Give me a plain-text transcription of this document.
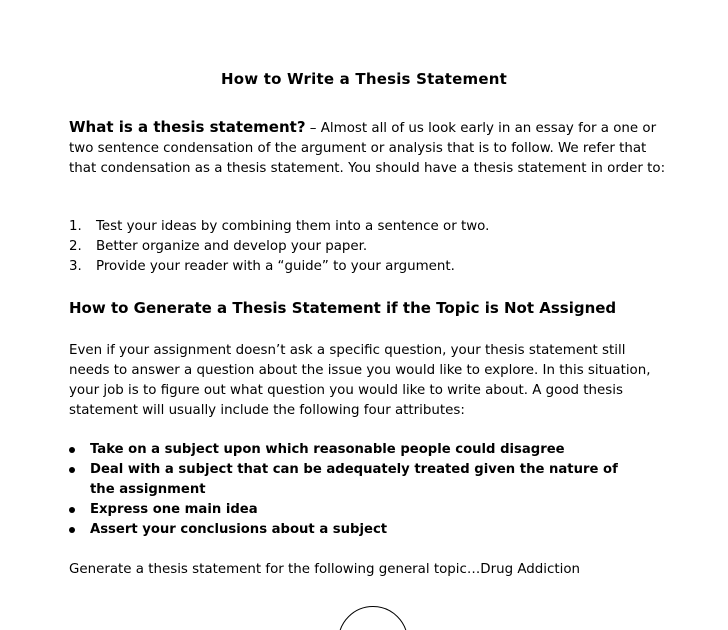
How to Write a Thesis Statement

What is a thesis statement? – Almost all of us look early in an essay for a one or two sentence condensation of the argument or analysis that is to follow. We refer that that condensation as a thesis statement. You should have a thesis statement in order to:

1. Test your ideas by combining them into a sentence or two.
2. Better organize and develop your paper.
3. Provide your reader with a “guide” to your argument.
How to Generate a Thesis Statement if the Topic is Not Assigned

Even if your assignment doesn’t ask a specific question, your thesis statement still needs to answer a question about the issue you would like to explore. In this situation, your job is to figure out what question you would like to write about. A good thesis statement will usually include the following four attributes:

Take on a subject upon which reasonable people could disagree
Deal with a subject that can be adequately treated given the nature of the assignment
Express one main idea
Assert your conclusions about a subject

Generate a thesis statement for the following general topic…Drug Addiction
